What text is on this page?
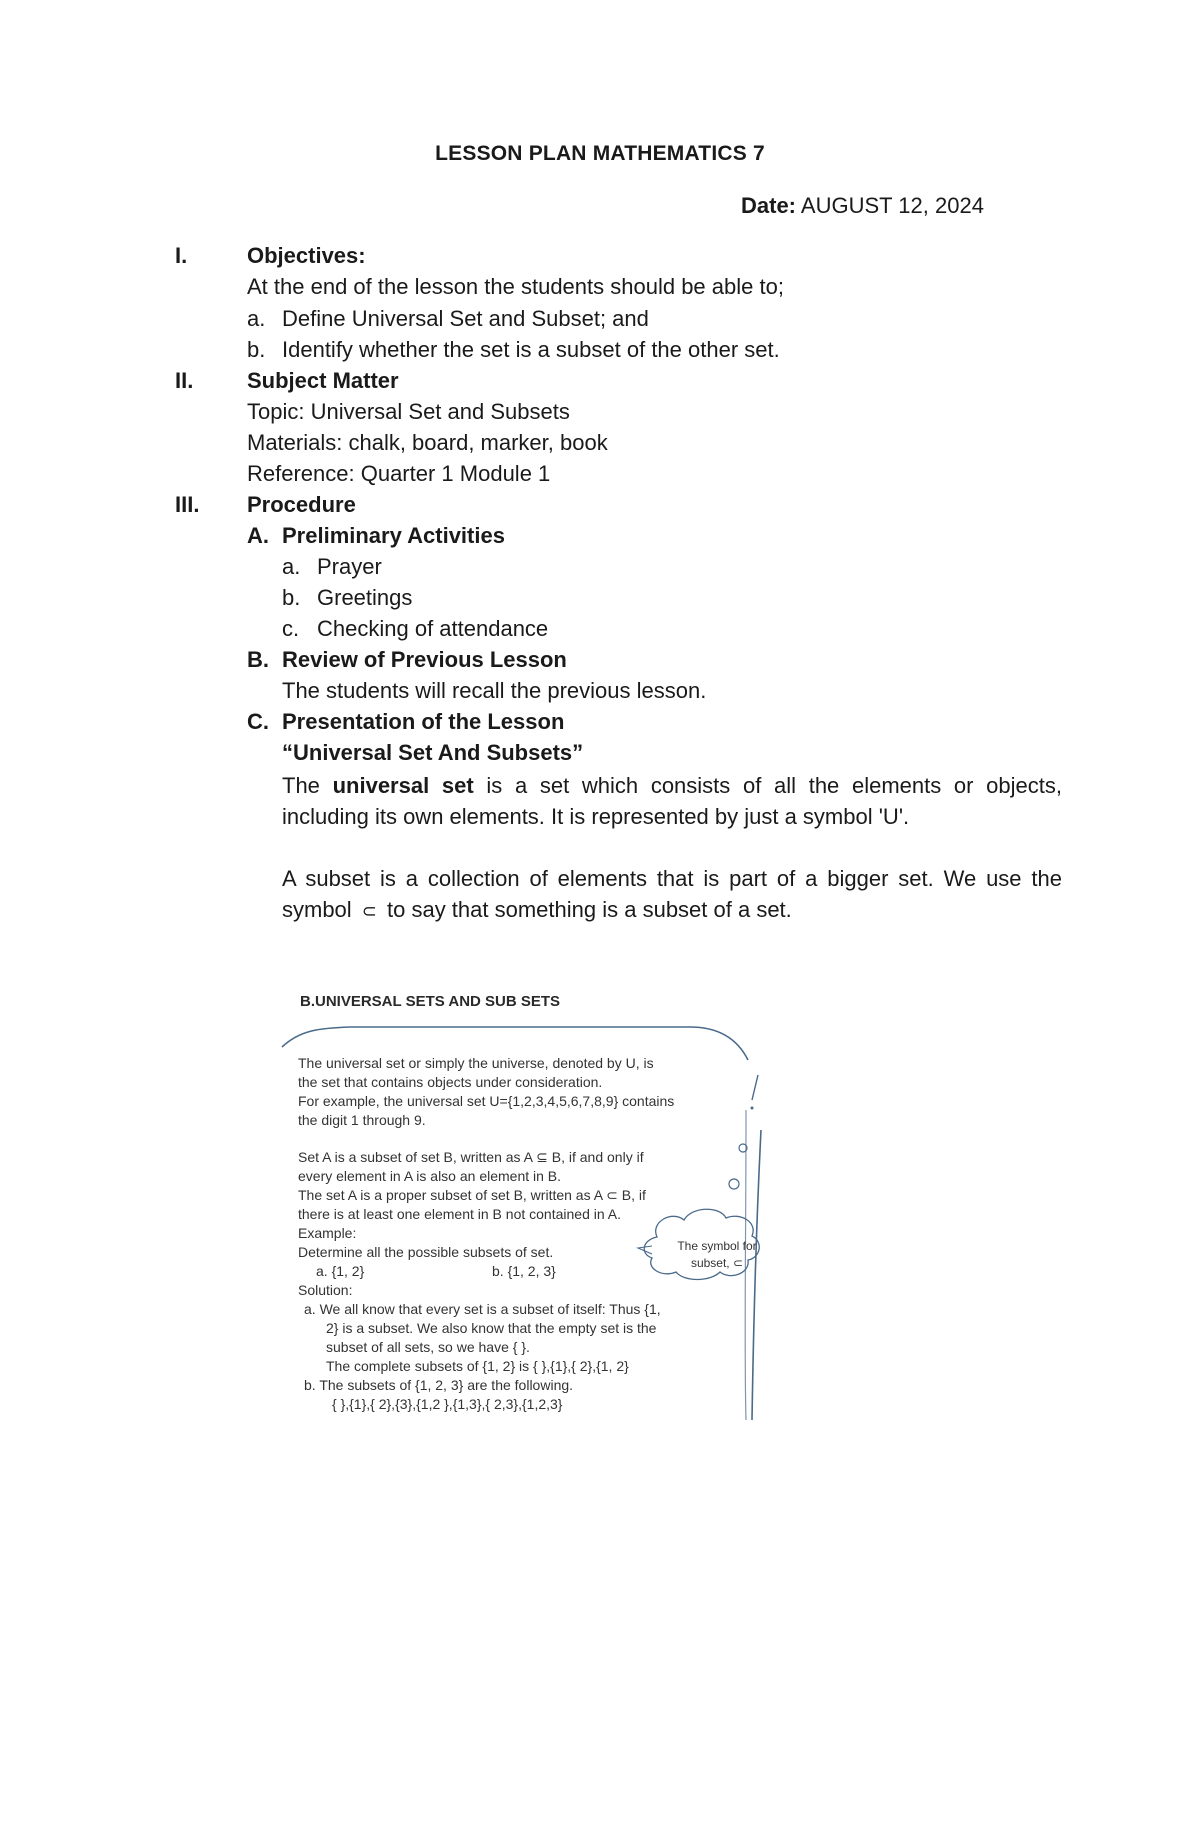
LESSON PLAN MATHEMATICS 7
Date: AUGUST 12, 2024
I.	Objectives:
At the end of the lesson the students should be able to;
a. Define Universal Set and Subset; and
b. Identify whether the set is a subset of the other set.
II. Subject Matter
Topic: Universal Set and Subsets
Materials: chalk, board, marker, book
Reference: Quarter 1 Module 1
III. Procedure
A. Preliminary Activities
a. Prayer
b. Greetings
c. Checking of attendance
B. Review of Previous Lesson
The students will recall the previous lesson.
C. Presentation of the Lesson
“Universal Set And Subsets”

The universal set is a set which consists of all the elements or objects, including its own elements. It is represented by just a symbol 'U'.

A subset is a collection of elements that is part of a bigger set. We use the symbol ⊂ to say that something is a subset of a set.

B.UNIVERSAL SETS AND SUB SETS
The universal set or simply the universe, denoted by U, is
the set that contains objects under consideration.
For example, the universal set U={1,2,3,4,5,6,7,8,9} contains
the digit 1 through 9.
Set A is a subset of set B, written as A ⊆ B, if and only if
every element in A is also an element in B.
The set A is a proper subset of set B, written as A ⊂ B, if
there is at least one element in B not contained in A.
Example:
Determine all the possible subsets of set.
a. {1, 2}	b. {1, 2, 3}
Solution:
a. We all know that every set is a subset of itself: Thus {1,
2} is a subset. We also know that the empty set is the
subset of all sets, so we have { }.
The complete subsets of {1, 2} is { },{1},{ 2},{1, 2}
b. The subsets of {1, 2, 3} are the following.
{ },{1},{ 2},{3},{1,2 },{1,3},{ 2,3},{1,2,3}
The symbol for
subset, ⊂
